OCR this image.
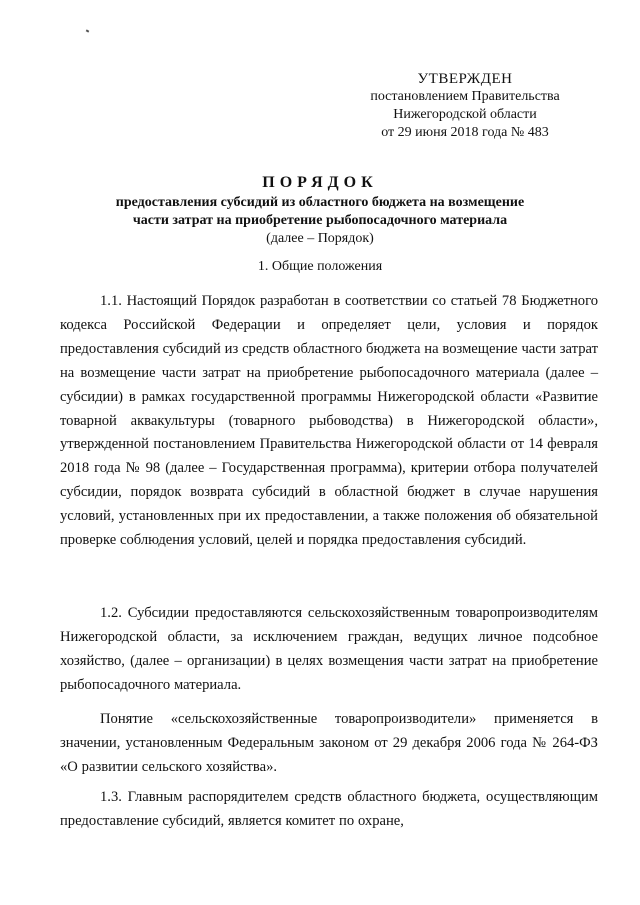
УТВЕРЖДЕН
постановлением Правительства
Нижегородской области
от 29 июня 2018 года № 483
ПОРЯДОК
предоставления субсидий из областного бюджета на возмещение
части затрат на приобретение рыбопосадочного материала
(далее – Порядок)
1. Общие положения
1.1. Настоящий Порядок разработан в соответствии со статьей 78 Бюджетного кодекса Российской Федерации и определяет цели, условия и порядок предоставления субсидий из средств областного бюджета на возмещение части затрат на возмещение части затрат на приобретение рыбопосадочного материала (далее – субсидии) в рамках государственной программы Нижегородской области «Развитие товарной аквакультуры (товарного рыбоводства) в Нижегородской области», утвержденной постановлением Правительства Нижегородской области от 14 февраля 2018 года № 98 (далее – Государственная программа), критерии отбора получателей субсидии, порядок возврата субсидий в областной бюджет в случае нарушения условий, установленных при их предоставлении, а также положения об обязательной проверке соблюдения условий, целей и порядка предоставления субсидий.
1.2. Субсидии предоставляются сельскохозяйственным товаропроизводителям Нижегородской области, за исключением граждан, ведущих личное подсобное хозяйство, (далее – организации) в целях возмещения части затрат на приобретение рыбопосадочного материала.
Понятие «сельскохозяйственные товаропроизводители» применяется в значении, установленным Федеральным законом от 29 декабря 2006 года № 264-ФЗ «О развитии сельского хозяйства».
1.3. Главным распорядителем средств областного бюджета, осуществляющим предоставление субсидий, является комитет по охране,
